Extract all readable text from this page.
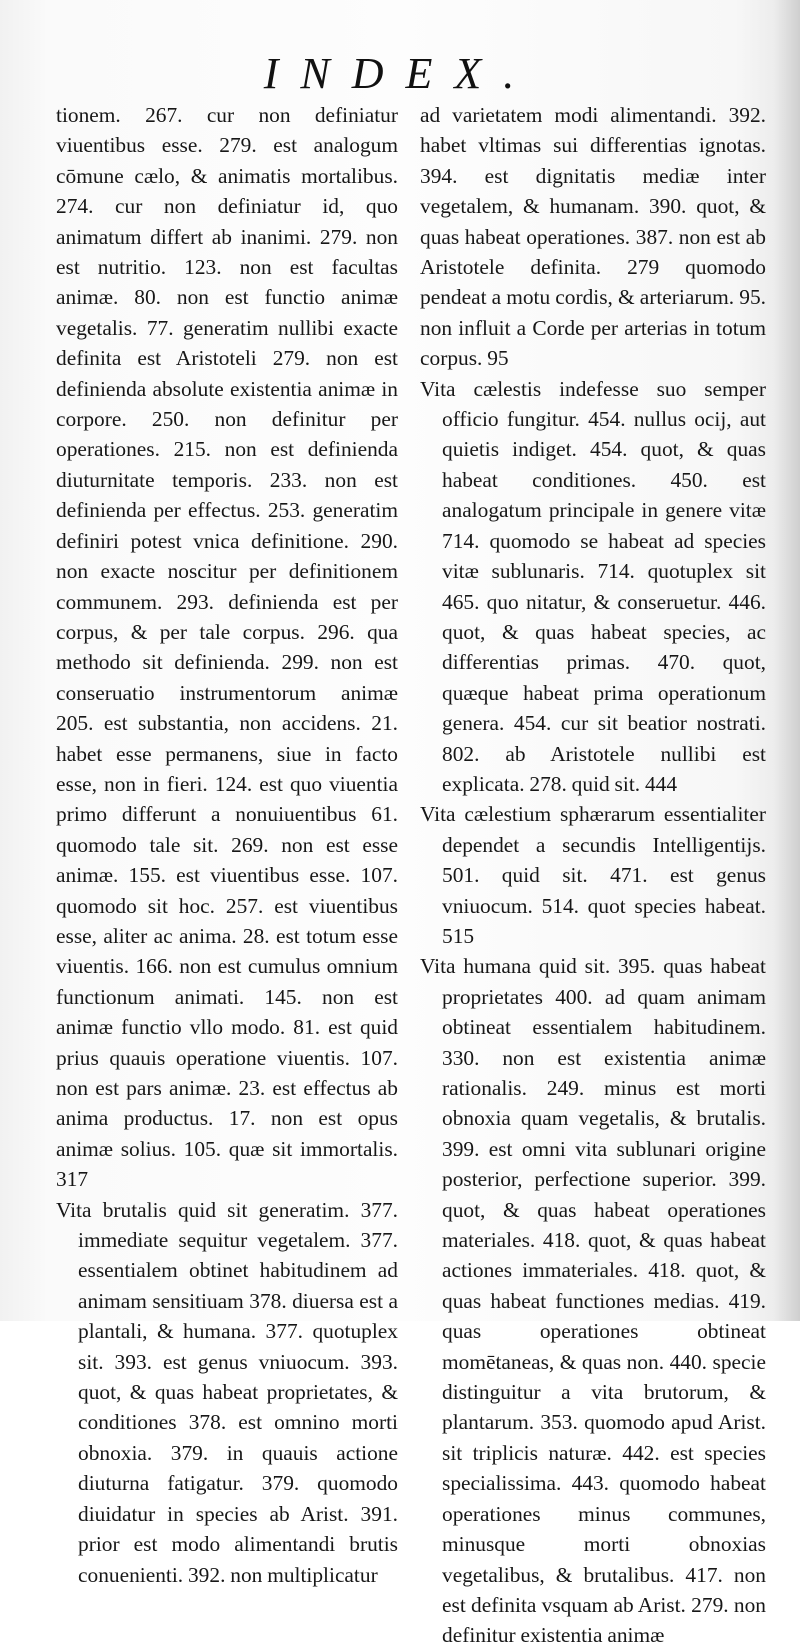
INDEX.

tionem. 267. cur non definiatur viuentibus esse. 279. est analogum cōmune cælo, & animatis mortalibus. 274. cur non definiatur id, quo animatum differt ab inanimi. 279. non est nutritio. 123. non est facultas animæ. 80. non est functio animæ vegetalis. 77. generatim nullibi exacte definita est Aristoteli 279. non est definienda absolute existentia animæ in corpore. 250. non definitur per operationes. 215. non est definienda diuturnitate temporis. 233. non est definienda per effectus. 253. generatim definiri potest vnica definitione. 290. non exacte noscitur per definitionem communem. 293. definienda est per corpus, & per tale corpus. 296. qua methodo sit definienda. 299. non est conseruatio instrumentorum animæ 205. est substantia, non accidens. 21. habet esse permanens, siue in facto esse, non in fieri. 124. est quo viuentia primo differunt a nonuiuentibus 61. quomodo tale sit. 269. non est esse animæ. 155. est viuentibus esse. 107. quomodo sit hoc. 257. est viuentibus esse, aliter ac anima. 28. est totum esse viuentis. 166. non est cumulus omnium functionum animati. 145. non est animæ functio vllo modo. 81. est quid prius quauis operatione viuentis. 107. non est pars animæ. 23. est effectus ab anima productus. 17. non est opus animæ solius. 105. quæ sit immortalis. 317

Vita brutalis quid sit generatim. 377. immediate sequitur vegetalem. 377. essentialem obtinet habitudinem ad animam sensitiuam 378. diuersa est a plantali, & humana. 377. quotuplex sit. 393. est genus vniuocum. 393. quot, & quas habeat proprietates, & conditiones 378. est omnino morti obnoxia. 379. in quauis actione diuturna fatigatur. 379. quomodo diuidatur in species ab Arist. 391. prior est modo alimentandi brutis conuenienti. 392. non multiplicatur

ad varietatem modi alimentandi. 392. habet vltimas sui differentias ignotas. 394. est dignitatis mediæ inter vegetalem, & humanam. 390. quot, & quas habeat operationes. 387. non est ab Aristotele definita. 279 quomodo pendeat a motu cordis, & arteriarum. 95. non influit a Corde per arterias in totum corpus. 95

Vita cælestis indefesse suo semper officio fungitur. 454. nullus ocij, aut quietis indiget. 454. quot, & quas habeat conditiones. 450. est analogatum principale in genere vitæ 714. quomodo se habeat ad species vitæ sublunaris. 714. quotuplex sit 465. quo nitatur, & conseruetur. 446. quot, & quas habeat species, ac differentias primas. 470. quot, quæque habeat prima operationum genera. 454. cur sit beatior nostrati. 802. ab Aristotele nullibi est explicata. 278. quid sit. 444

Vita cælestium sphærarum essentialiter dependet a secundis Intelligentijs. 501. quid sit. 471. est genus vniuocum. 514. quot species habeat. 515

Vita humana quid sit. 395. quas habeat proprietates 400. ad quam animam obtineat essentialem habitudinem. 330. non est existentia animæ rationalis. 249. minus est morti obnoxia quam vegetalis, & brutalis. 399. est omni vita sublunari origine posterior, perfectione superior. 399. quot, & quas habeat operationes materiales. 418. quot, & quas habeat actiones immateriales. 418. quot, & quas habeat functiones medias. 419. quas operationes obtineat momētaneas, & quas non. 440. specie distinguitur a vita brutorum, & plantarum. 353. quomodo apud Arist. sit triplicis naturæ. 442. est species specialissima. 443. quomodo habeat operationes minus communes, minusque morti obnoxias vegetalibus, & brutalibus. 417. non est definita vsquam ab Arist. 279. non definitur existentia animæ
